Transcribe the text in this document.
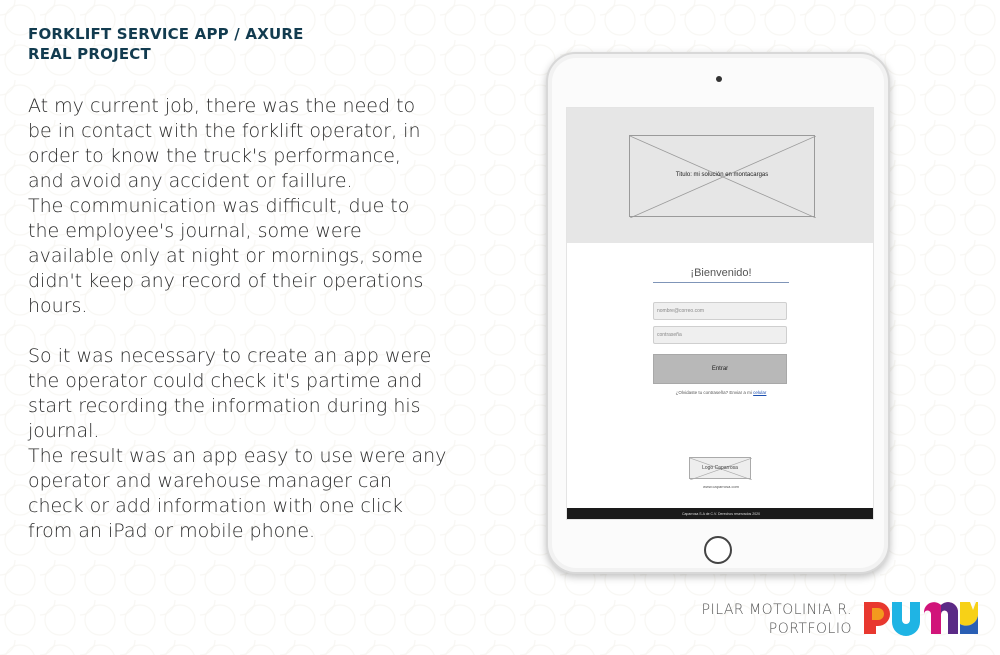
FORKLIFT SERVICE APP / AXURE
REAL PROJECT

At my current job, there was the need to

be in contact with the forklift operator, in

order to know the truck's performance,

and avoid any accident or faillure.

The communication was difficult, due to

the employee's journal, some were

available only at night or mornings, some

didn't keep any record of their operations

hours.

So it was necessary to create an app were

the operator could check it's partime and

start recording the information during his

journal.

The result was an app easy to use were any

operator and warehouse manager can

check or add information with one click

from an iPad or mobile phone.

Titulo: mi solución en montacargas
¡Bienvenido!
nombre@correo.com
contraseña
Entrar
¿Olvidaste tu contraseña? Enviar a mi celular
Logo Caparrosa
www.caparrosa.com
Caparrosa S.A de C.V. Derechos reservados 2020
PILAR MOTOLINIA R.
PORTFOLIO
